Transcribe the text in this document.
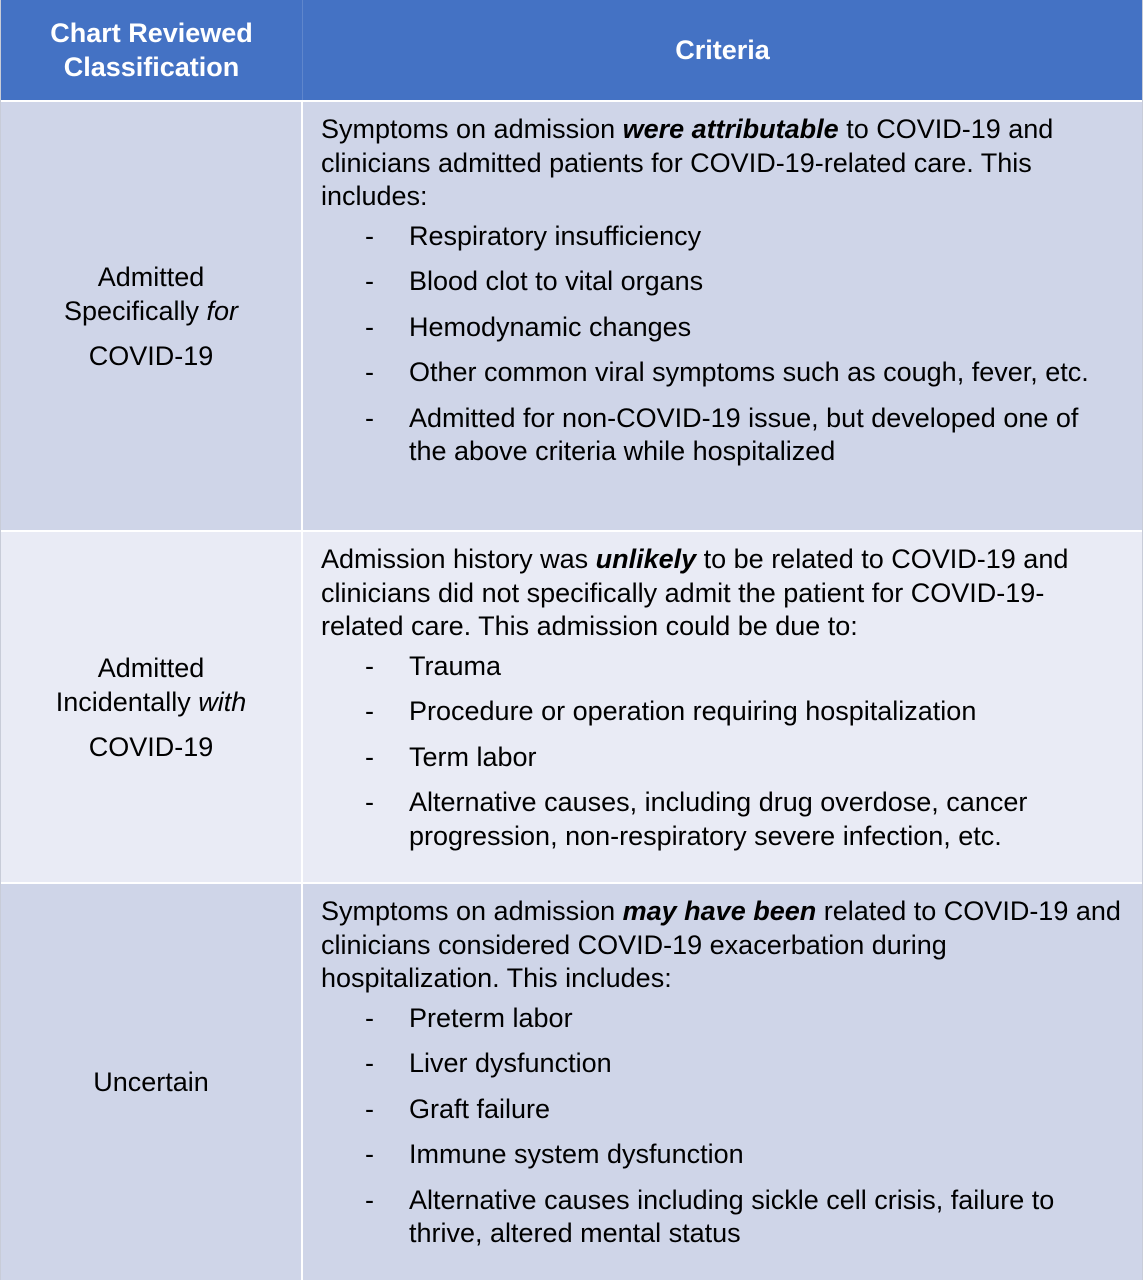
Chart Reviewed
Classification
Criteria
Admitted
Specifically for
COVID-19
Symptoms on admission were attributable to COVID-19 and clinicians admitted patients for COVID-19-related care. This includes:
- Respiratory insufficiency
- Blood clot to vital organs
- Hemodynamic changes
- Other common viral symptoms such as cough, fever, etc.
- Admitted for non-COVID-19 issue, but developed one of the above criteria while hospitalized
Admitted
Incidentally with
COVID-19
Admission history was unlikely to be related to COVID-19 and clinicians did not specifically admit the patient for COVID-19-related care. This admission could be due to:
- Trauma
- Procedure or operation requiring hospitalization
- Term labor
- Alternative causes, including drug overdose, cancer progression, non-respiratory severe infection, etc.
Uncertain
Symptoms on admission may have been related to COVID-19 and clinicians considered COVID-19 exacerbation during hospitalization. This includes:
- Preterm labor
- Liver dysfunction
- Graft failure
- Immune system dysfunction
- Alternative causes including sickle cell crisis, failure to thrive, altered mental status
